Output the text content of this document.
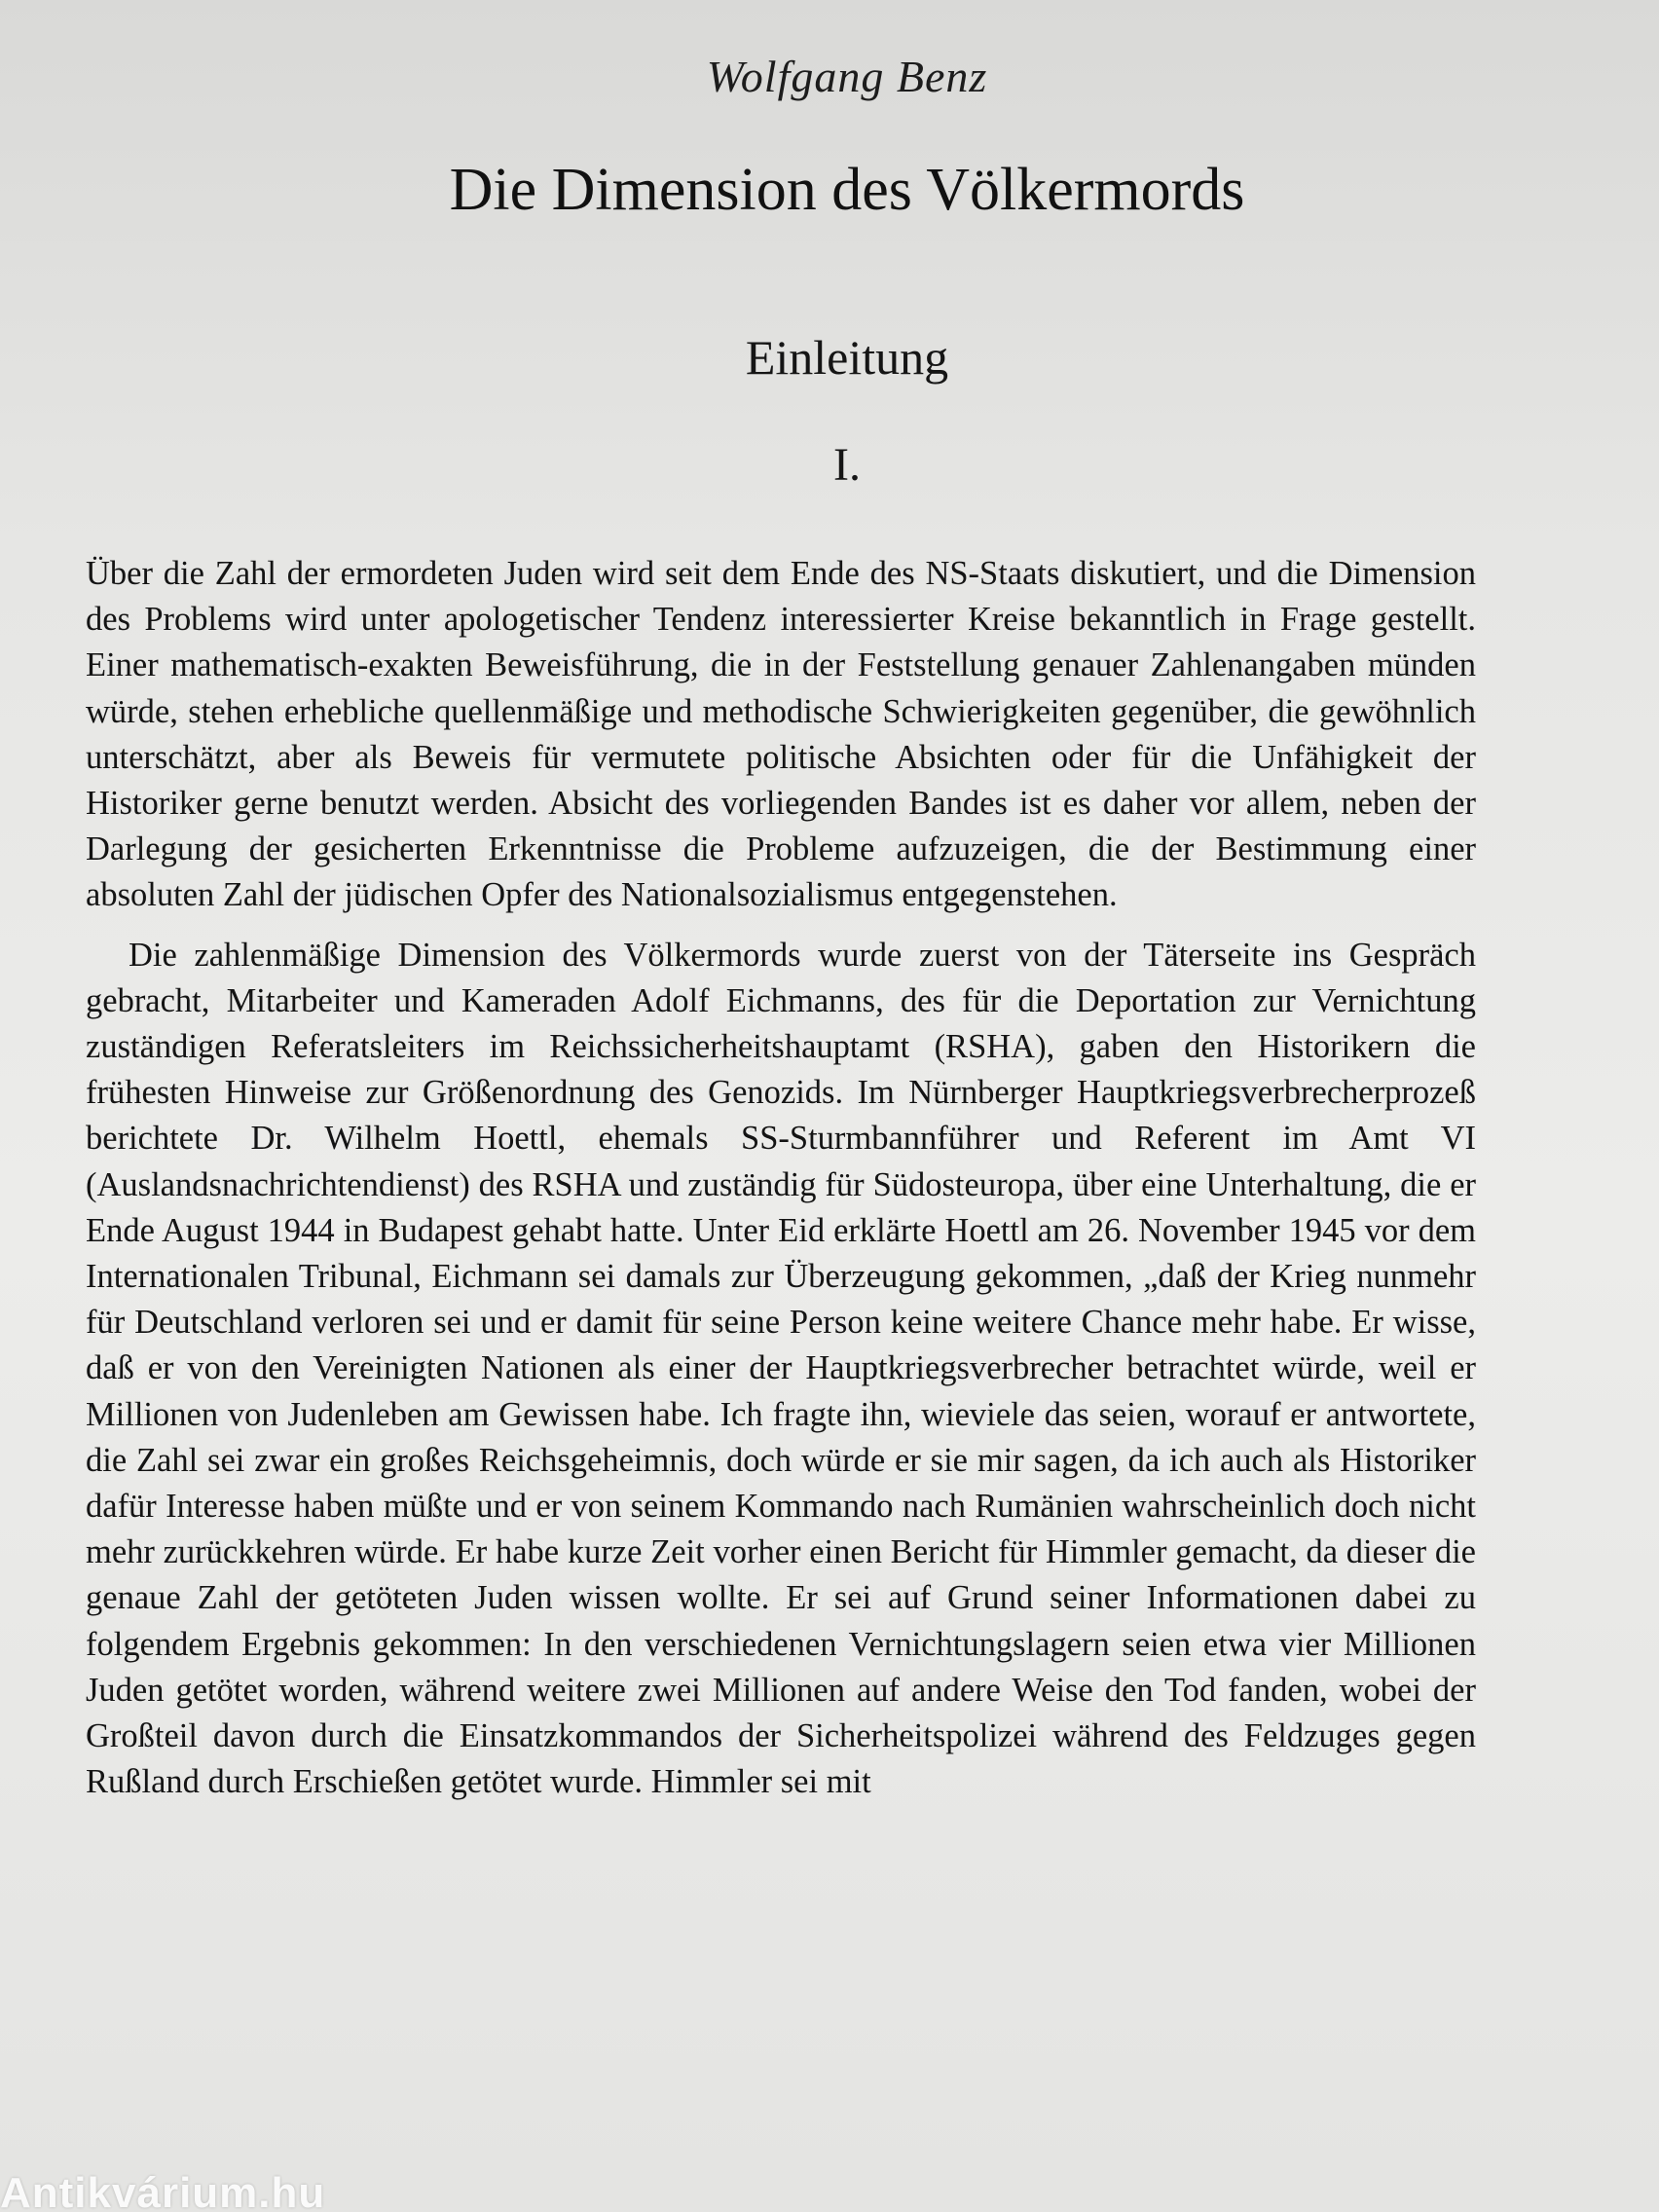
Wolfgang Benz
Die Dimension des Völkermords
Einleitung
I.

Über die Zahl der ermordeten Juden wird seit dem Ende des NS-Staats diskutiert, und die Dimension des Problems wird unter apologetischer Tendenz interessierter Kreise bekanntlich in Frage gestellt. Einer mathematisch-exakten Beweisführung, die in der Feststellung genauer Zahlenangaben münden würde, stehen erhebliche quellenmäßige und methodische Schwierigkeiten gegenüber, die gewöhnlich unterschätzt, aber als Beweis für vermutete politische Absichten oder für die Unfähigkeit der Historiker gerne benutzt werden. Absicht des vorliegenden Bandes ist es daher vor allem, neben der Darlegung der gesicherten Erkenntnisse die Probleme aufzuzeigen, die der Bestimmung einer absoluten Zahl der jüdischen Opfer des Nationalsozialismus entgegenstehen.

Die zahlenmäßige Dimension des Völkermords wurde zuerst von der Täterseite ins Gespräch gebracht, Mitarbeiter und Kameraden Adolf Eichmanns, des für die Deportation zur Vernichtung zuständigen Referatsleiters im Reichssicherheitshauptamt (RSHA), gaben den Historikern die frühesten Hinweise zur Größenordnung des Genozids. Im Nürnberger Hauptkriegsverbrecherprozeß berichtete Dr. Wilhelm Hoettl, ehemals SS-Sturmbannführer und Referent im Amt VI (Auslandsnachrichtendienst) des RSHA und zuständig für Südosteuropa, über eine Unterhaltung, die er Ende August 1944 in Budapest gehabt hatte. Unter Eid erklärte Hoettl am 26. November 1945 vor dem Internationalen Tribunal, Eichmann sei damals zur Überzeugung gekommen, „daß der Krieg nunmehr für Deutschland verloren sei und er damit für seine Person keine weitere Chance mehr habe. Er wisse, daß er von den Vereinigten Nationen als einer der Hauptkriegsverbrecher betrachtet würde, weil er Millionen von Judenleben am Gewissen habe. Ich fragte ihn, wieviele das seien, worauf er antwortete, die Zahl sei zwar ein großes Reichsgeheimnis, doch würde er sie mir sagen, da ich auch als Historiker dafür Interesse haben müßte und er von seinem Kommando nach Rumänien wahrscheinlich doch nicht mehr zurückkehren würde. Er habe kurze Zeit vorher einen Bericht für Himmler gemacht, da dieser die genaue Zahl der getöteten Juden wissen wollte. Er sei auf Grund seiner Informationen dabei zu folgendem Ergebnis gekommen: In den verschiedenen Vernichtungslagern seien etwa vier Millionen Juden getötet worden, während weitere zwei Millionen auf andere Weise den Tod fanden, wobei der Großteil davon durch die Einsatzkommandos der Sicherheitspolizei während des Feldzuges gegen Rußland durch Erschießen getötet wurde. Himmler sei mit

Antikvárium.hu
